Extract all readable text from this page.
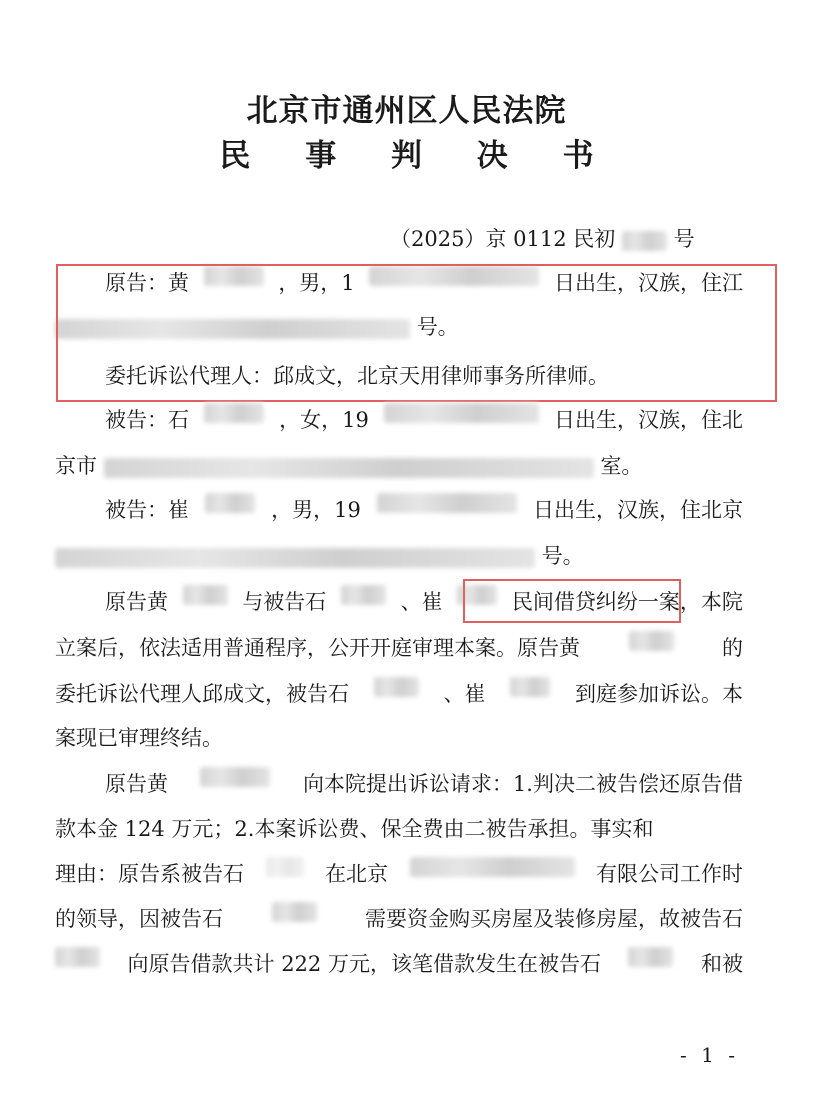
北京市通州区人民法院
民 事 判 决 书
（2025）京 0112 民初	号
原告：黄	，男，1	日出生，汉族，住江
号。
委托诉讼代理人：邱成文，北京天用律师事务所律师。
被告：石	，女，19	日出生，汉族，住北
京市	室。
被告：崔	，男，19	日出生，汉族，住北京
号。
原告黄	与被告石	、崔	民间借贷纠纷一案，本院
立案后，依法适用普通程序，公开开庭审理本案。原告黄	的
委托诉讼代理人邱成文，被告石	、崔	到庭参加诉讼。本
案现已审理终结。
原告黄	向本院提出诉讼请求：1.判决二被告偿还原告借
款本金 124 万元；2.本案诉讼费、保全费由二被告承担。事实和
理由：原告系被告石	在北京	有限公司工作时
的领导，因被告石	需要资金购买房屋及装修房屋，故被告石
向原告借款共计 222 万元，该笔借款发生在被告石	和被
- 1 -
